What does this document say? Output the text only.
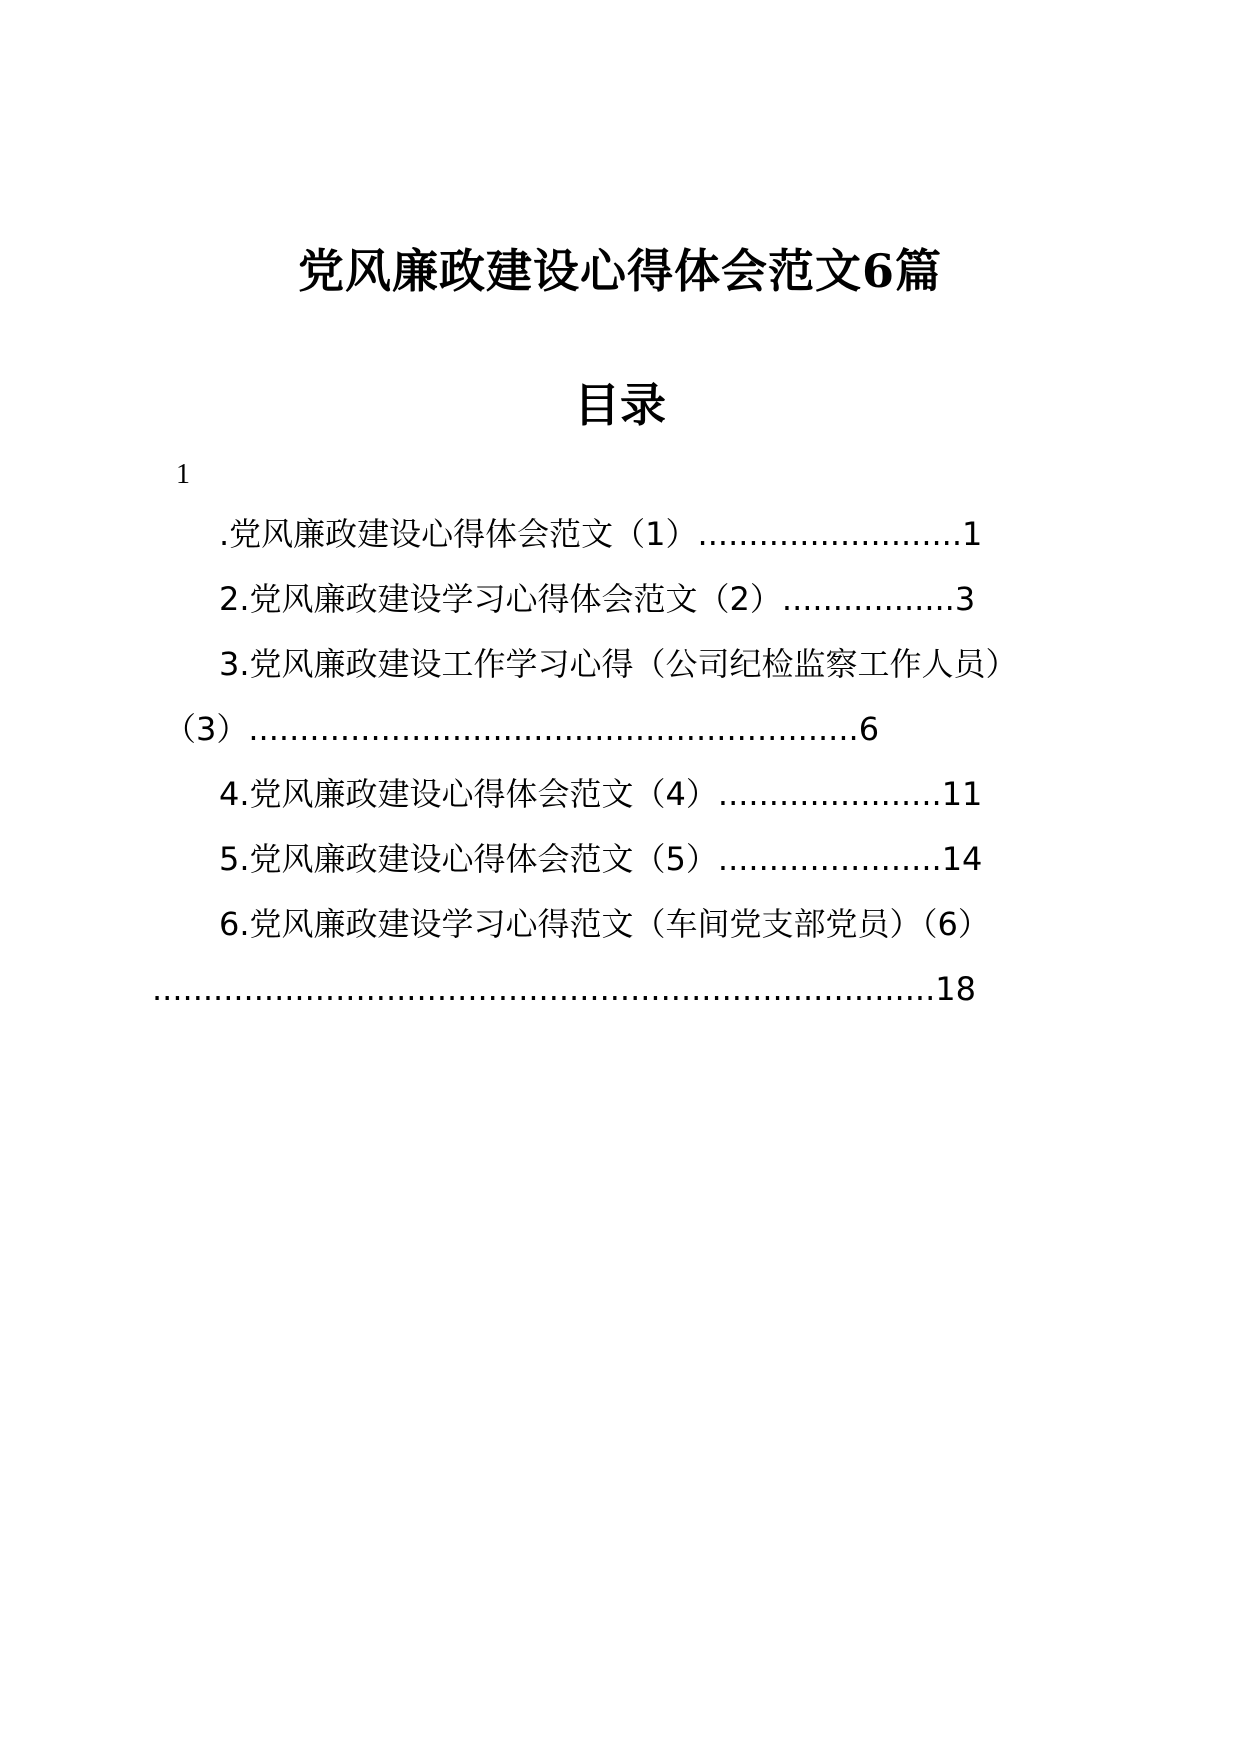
党风廉政建设心得体会范文6篇
目录
1
.党风廉政建设心得体会范文（1）..........................1
2.党风廉政建设学习心得体会范文（2）.................3
3.党风廉政建设工作学习心得（公司纪检监察工作人员）
（3）............................................................6
4.党风廉政建设心得体会范文（4）......................11
5.党风廉政建设心得体会范文（5）......................14
6.党风廉政建设学习心得范文（车间党支部党员）（6）
.............................................................................18
